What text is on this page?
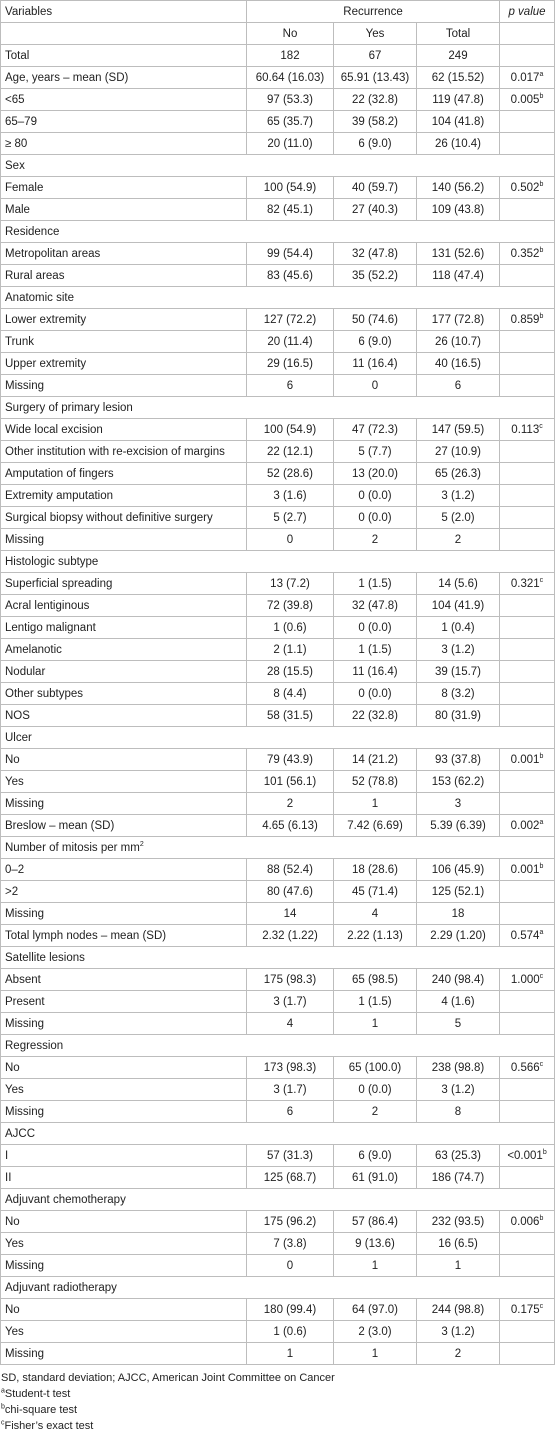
Variables	Recurrence			p value
	No	Yes	Total	
Total	182	67	249	
Age, years – mean (SD)	60.64 (16.03)	65.91 (13.43)	62 (15.52)	0.017$^a$
<65	97 (53.3)	22 (32.8)	119 (47.8)	0.005$^b$
65–79	65 (35.7)	39 (58.2)	104 (41.8)	
≥ 80	20 (11.0)	6 (9.0)	26 (10.4)	
Sex				
Female	100 (54.9)	40 (59.7)	140 (56.2)	0.502$^b$
Male	82 (45.1)	27 (40.3)	109 (43.8)	
Residence				
Metropolitan areas	99 (54.4)	32 (47.8)	131 (52.6)	0.352$^b$
Rural areas	83 (45.6)	35 (52.2)	118 (47.4)	
Anatomic site				
Lower extremity	127 (72.2)	50 (74.6)	177 (72.8)	0.859$^b$
Trunk	20 (11.4)	6 (9.0)	26 (10.7)	
Upper extremity	29 (16.5)	11 (16.4)	40 (16.5)	
Missing	6	0	6	
Surgery of primary lesion				
Wide local excision	100 (54.9)	47 (72.3)	147 (59.5)	0.113$^c$
Other institution with re-excision of margins	22 (12.1)	5 (7.7)	27 (10.9)	
Amputation of fingers	52 (28.6)	13 (20.0)	65 (26.3)	
Extremity amputation	3 (1.6)	0 (0.0)	3 (1.2)	
Surgical biopsy without definitive surgery	5 (2.7)	0 (0.0)	5 (2.0)	
Missing	0	2	2	
Histologic subtype				
Superficial spreading	13 (7.2)	1 (1.5)	14 (5.6)	0.321$^c$
Acral lentiginous	72 (39.8)	32 (47.8)	104 (41.9)	
Lentigo malignant	1 (0.6)	0 (0.0)	1 (0.4)	
Amelanotic	2 (1.1)	1 (1.5)	3 (1.2)	
Nodular	28 (15.5)	11 (16.4)	39 (15.7)	
Other subtypes	8 (4.4)	0 (0.0)	8 (3.2)	
NOS	58 (31.5)	22 (32.8)	80 (31.9)	
Ulcer				
No	79 (43.9)	14 (21.2)	93 (37.8)	0.001$^b$
Yes	101 (56.1)	52 (78.8)	153 (62.2)	
Missing	2	1	3	
Breslow – mean (SD)	4.65 (6.13)	7.42 (6.69)	5.39 (6.39)	0.002$^a$
Number of mitosis per $mm^2$
0–2	88 (52.4)	18 (28.6)	106 (45.9)	0.001$^b$
>2	80 (47.6)	45 (71.4)	125 (52.1)	
Missing	14	4	18	
Total lymph nodes – mean (SD)	2.32 (1.22)	2.22 (1.13)	2.29 (1.20)	0.574$^a$
Satellite lesions				
Absent	175 (98.3)	65 (98.5)	240 (98.4)	1.000$^c$
Present	3 (1.7)	1 (1.5)	4 (1.6)	
Missing	4	1	5	
Regression				
No	173 (98.3)	65 (100.0)	238 (98.8)	0.566$^c$
Yes	3 (1.7)	0 (0.0)	3 (1.2)	
Missing	6	2	8	
AJCC				
I	57 (31.3)	6 (9.0)	63 (25.3)	<0.001$^b$
II	125 (68.7)	61 (91.0)	186 (74.7)	
Adjuvant chemotherapy				
No	175 (96.2)	57 (86.4)	232 (93.5)	0.006$^b$
Yes	7 (3.8)	9 (13.6)	16 (6.5)	
Missing	0	1	1	
Adjuvant radiotherapy				
No	180 (99.4)	64 (97.0)	244 (98.8)	0.175$^c$
Yes	1 (0.6)	2 (3.0)	3 (1.2)	
Missing	1	1	2	
SD, standard deviation; AJCC, American Joint Committee on Cancer
$^a$Student-t test
$^b$chi-square test
$^c$Fisher’s exact test
